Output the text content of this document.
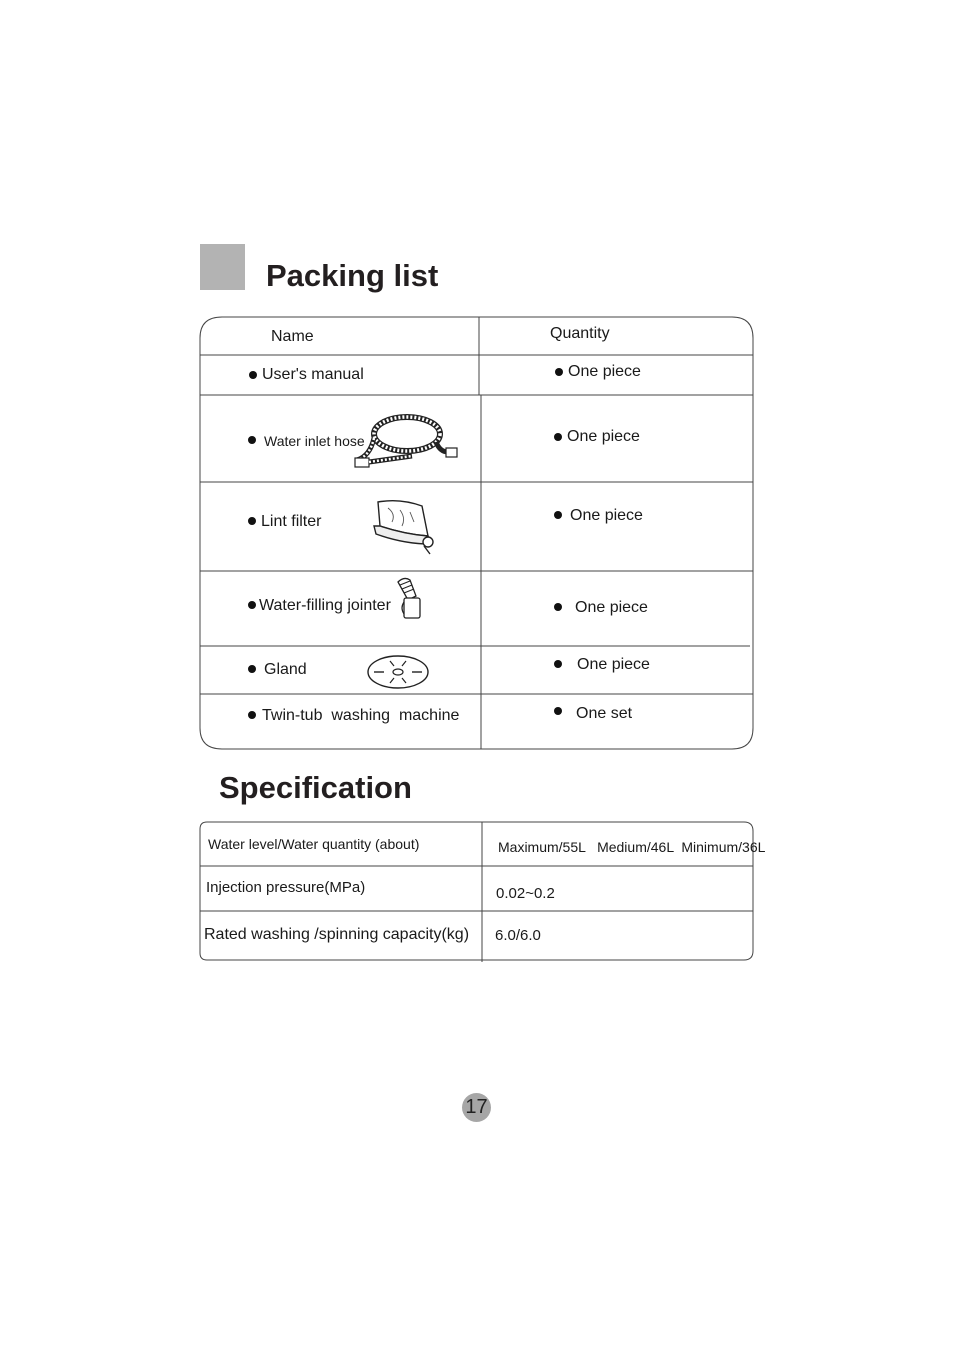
Packing list
Name	Quantity
User's manual	One piece
Water inlet hose	One piece
Lint filter	One piece
Water-filling jointer	One piece
Gland	One piece
Twin-tub  washing  machine	One set
Specification
Water level/Water quantity (about)	Maximum/55L   Medium/46L  Minimum/36L
Injection pressure(MPa)	0.02~0.2
Rated washing /spinning capacity(kg) 6.0/6.0
17
